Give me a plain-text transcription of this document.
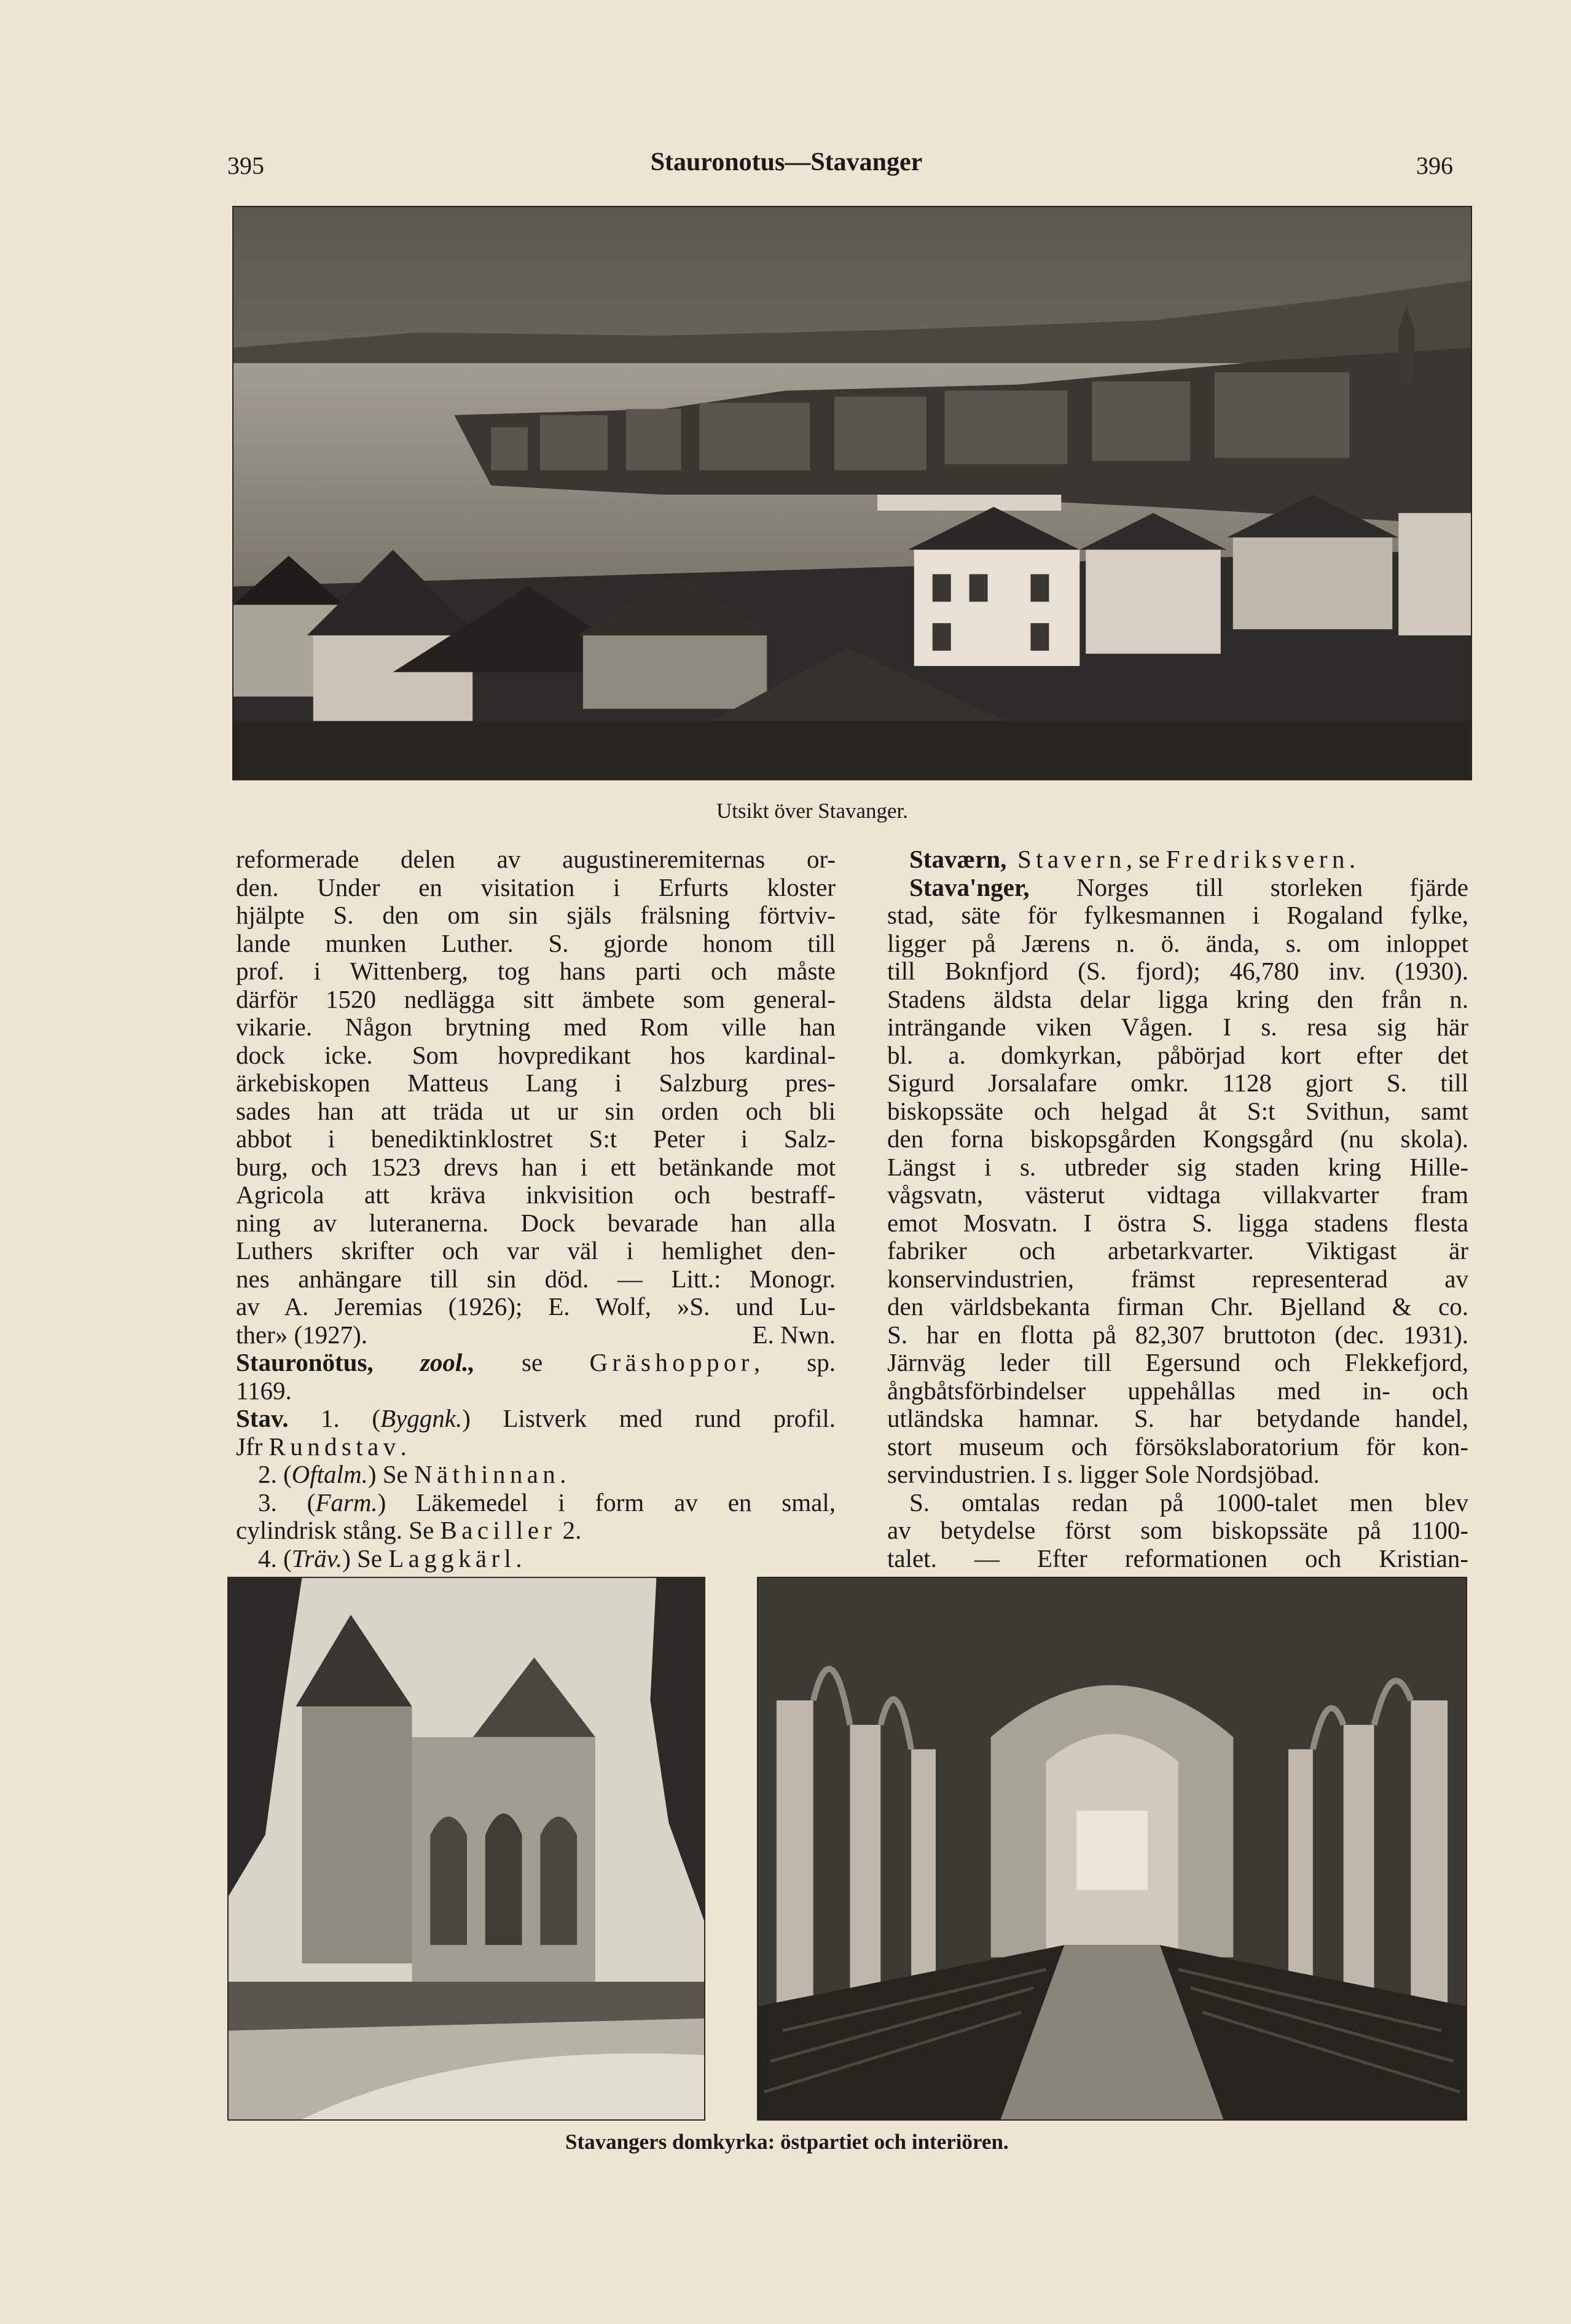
395	Stauronotus—Stavanger	396
Utsikt över Stavanger.
reformerade delen av augustineremiternas or-
den. Under en visitation i Erfurts kloster
hjälpte S. den om sin själs frälsning förtviv-
lande munken Luther. S. gjorde honom till
prof. i Wittenberg, tog hans parti och måste
därför 1520 nedlägga sitt ämbete som general-
vikarie. Någon brytning med Rom ville han
dock icke. Som hovpredikant hos kardinal-
ärkebiskopen Matteus Lang i Salzburg pres-
sades han att träda ut ur sin orden och bli
abbot i benediktinklostret S:t Peter i Salz-
burg, och 1523 drevs han i ett betänkande mot
Agricola att kräva inkvisition och bestraff-
ning av luteranerna. Dock bevarade han alla
Luthers skrifter och var väl i hemlighet den-
nes anhängare till sin död. — Litt.: Monogr.
av A. Jeremias (1926); E. Wolf, »S. und Lu-
ther» (1927).	E. Nwn.
Stauronötus, zool., se Gräshoppor, sp.
1169.
Stav. 1. (Byggnk.) Listverk med rund profil.
Jfr Rundstav.
2. (Oftalm.) Se Näthinnan.
3. (Farm.) Läkemedel i form av en smal,
cylindrisk stång. Se Baciller 2.
4. (Träv.) Se Laggkärl.
Staværn, Stavern, se Fredriksvern.
Stava'nger, Norges till storleken fjärde
stad, säte för fylkesmannen i Rogaland fylke,
ligger på Jærens n. ö. ända, s. om inloppet
till Boknfjord (S. fjord); 46,780 inv. (1930).
Stadens äldsta delar ligga kring den från n.
inträngande viken Vågen. I s. resa sig här
bl. a. domkyrkan, påbörjad kort efter det
Sigurd Jorsalafare omkr. 1128 gjort S. till
biskopssäte och helgad åt S:t Svithun, samt
den forna biskopsgården Kongsgård (nu skola).
Längst i s. utbreder sig staden kring Hille-
vågsvatn, västerut vidtaga villakvarter fram
emot Mosvatn. I östra S. ligga stadens flesta
fabriker och arbetarkvarter. Viktigast är
konservindustrien, främst representerad av
den världsbekanta firman Chr. Bjelland & co.
S. har en flotta på 82,307 bruttoton (dec. 1931).
Järnväg leder till Egersund och Flekkefjord,
ångbåtsförbindelser uppehållas med in- och
utländska hamnar. S. har betydande handel,
stort museum och försökslaboratorium för kon-
servindustrien. I s. ligger Sole Nordsjöbad.
S. omtalas redan på 1000-talet men blev
av betydelse först som biskopssäte på 1100-
talet. — Efter reformationen och Kristian-
Stavangers domkyrka: östpartiet och interiören.
